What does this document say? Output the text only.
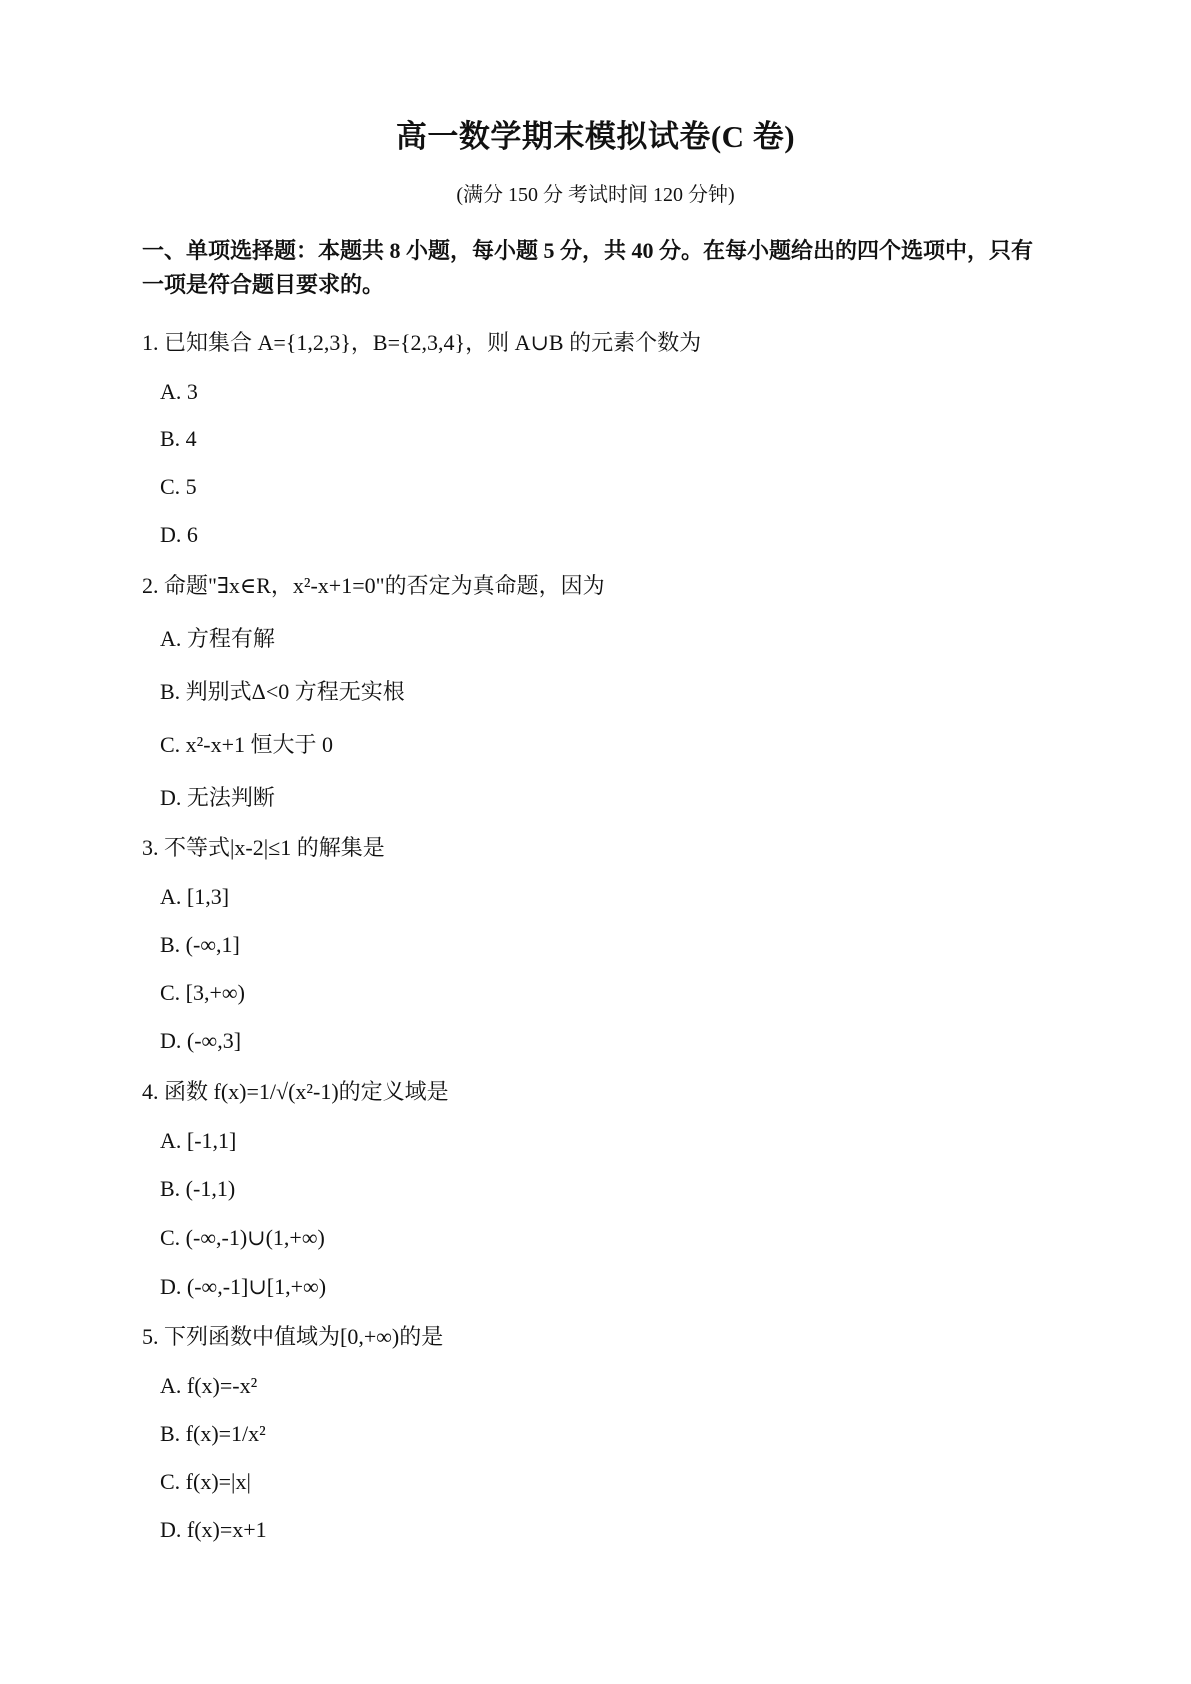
高一数学期末模拟试卷(C 卷)
(满分 150 分 考试时间 120 分钟)
一、单项选择题：本题共 8 小题，每小题 5 分，共 40 分。在每小题给出的四个选项中，只有一项是符合题目要求的。
1. 已知集合 A={1,2,3}，B={2,3,4}，则 A∪B 的元素个数为
A. 3
B. 4
C. 5
D. 6
2. 命题"∃x∈R，x²-x+1=0"的否定为真命题，因为
A. 方程有解
B. 判别式Δ<0 方程无实根
C. x²-x+1 恒大于 0
D. 无法判断
3. 不等式|x-2|≤1 的解集是
A. [1,3]
B. (-∞,1]
C. [3,+∞)
D. (-∞,3]
4. 函数 f(x)=1/√(x²-1)的定义域是
A. [-1,1]
B. (-1,1)
C. (-∞,-1)∪(1,+∞)
D. (-∞,-1]∪[1,+∞)
5. 下列函数中值域为[0,+∞)的是
A. f(x)=-x²
B. f(x)=1/x²
C. f(x)=|x|
D. f(x)=x+1
